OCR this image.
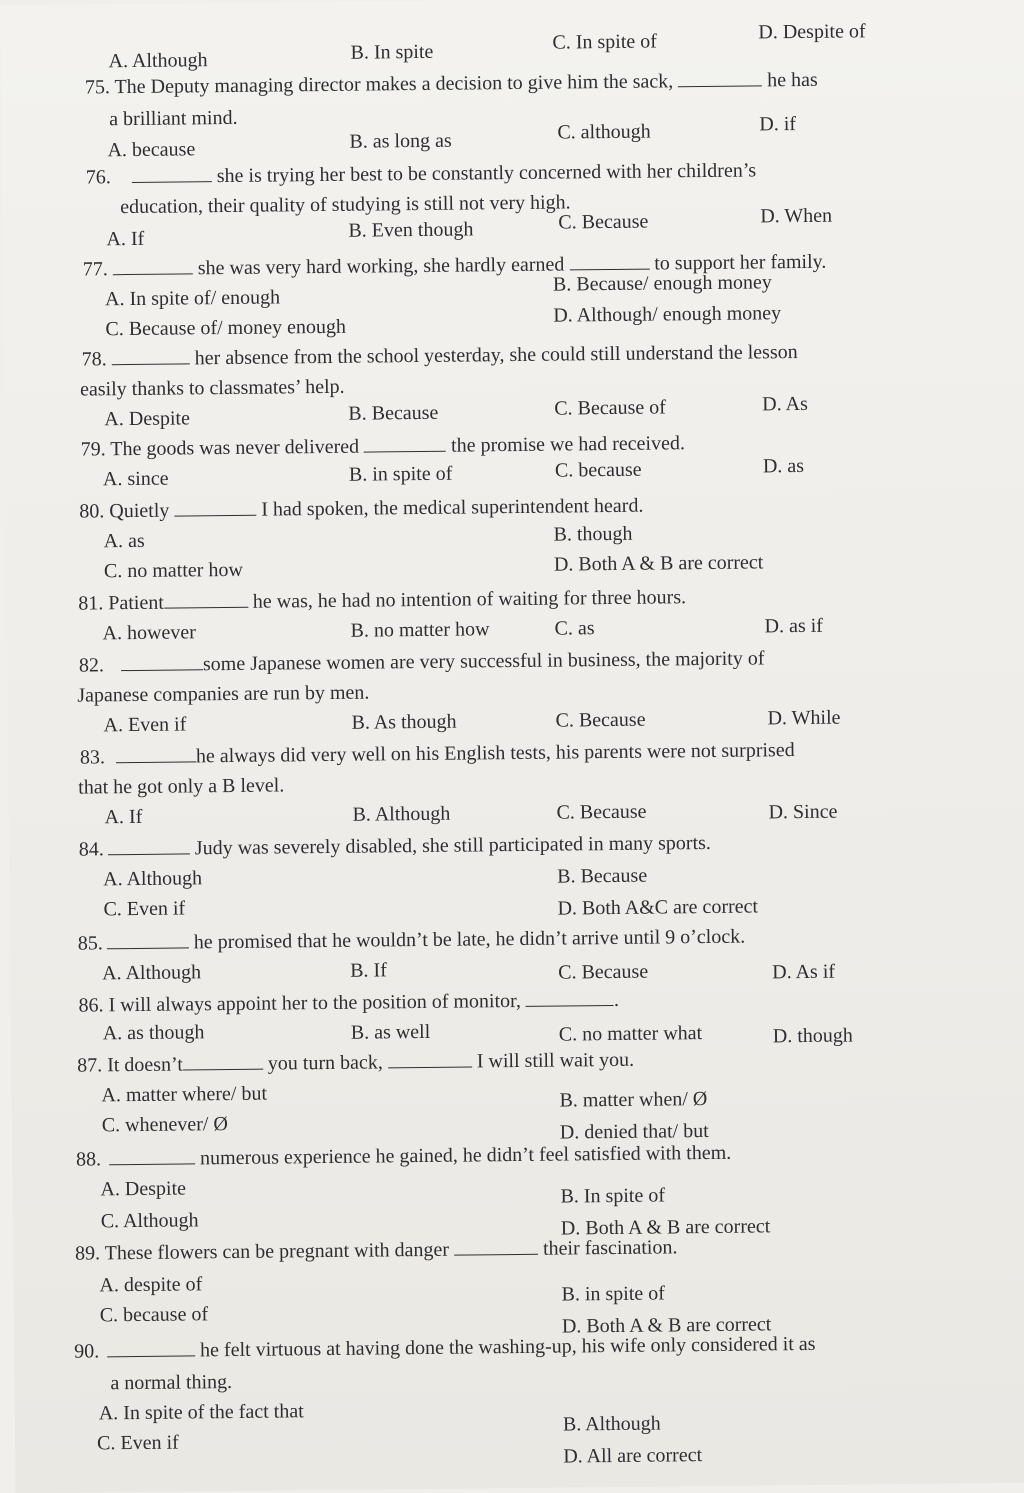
A. Although	B. In spite	C. In spite of	D. Despite of
75. The Deputy managing director makes a decision to give him the sack,	he has
a brilliant mind.
A. because	B. as long as	C. although	D. if
76.	she is trying her best to be constantly concerned with her children’s
education, their quality of studying is still not very high.
A. If	B. Even though	C. Because	D. When
77.	she was very hard working, she hardly earned	to support her family.
A. In spite of/ enough
B. Because/ enough money
C. Because of/ money enough
D. Although/ enough money
78.	her absence from the school yesterday, she could still understand the lesson
easily thanks to classmates’ help.
A. Despite	B. Because	C. Because of	D. As
79. The goods was never delivered	the promise we had received.
A. since	B. in spite of	C. because	D. as
80. Quietly	I had spoken, the medical superintendent heard.
A. as	B. though
C. no matter how	D. Both A & B are correct
81. Patient	he was, he had no intention of waiting for three hours.
A. however	B. no matter how	C. as	D. as if
82.	some Japanese women are very successful in business, the majority of
Japanese companies are run by men.
A. Even if	B. As though	C. Because	D. While
83.	he always did very well on his English tests, his parents were not surprised
that he got only a B level.
A. If	B. Although	C. Because	D. Since
84.	Judy was severely disabled, she still participated in many sports.
A. Although	B. Because
C. Even if	D. Both A&C are correct
85.	he promised that he wouldn’t be late, he didn’t arrive until 9 o’clock.
A. Although	B. If	C. Because	D. As if
86. I will always appoint her to the position of monitor,	.
A. as though	B. as well	C. no matter what	D. though
87. It doesn’t	you turn back,	I will still wait you.
A. matter where/ but	B. matter when/ Ø
C. whenever/ Ø	D. denied that/ but
88.	numerous experience he gained, he didn’t feel satisfied with them.
A. Despite	B. In spite of
C. Although	D. Both A & B are correct
89. These flowers can be pregnant with danger	their fascination.
A. despite of	B. in spite of
C. because of	D. Both A & B are correct
90.	he felt virtuous at having done the washing-up, his wife only considered it as
a normal thing.
A. In spite of the fact that	B. Although
C. Even if
D. All are correct
